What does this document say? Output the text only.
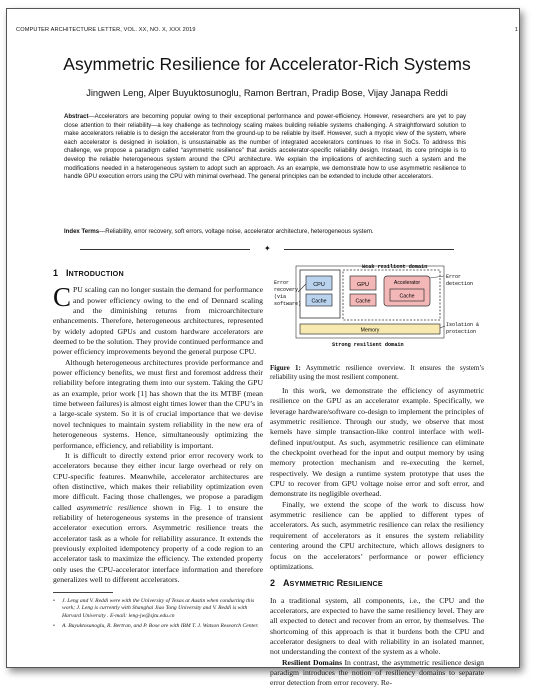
COMPUTER ARCHITECTURE LETTER, VOL. XX, NO. X, XXX 2019	1
Asymmetric Resilience for Accelerator-Rich Systems
Jingwen Leng, Alper Buyuktosunoglu, Ramon Bertran, Pradip Bose, Vijay Janapa Reddi
Abstract—Accelerators are becoming popular owing to their exceptional performance and power-efficiency. However, researchers are yet to pay close attention to their reliability—a key challenge as technology scaling makes building reliable systems challenging. A straightforward solution to make accelerators reliable is to design the accelerator from the ground-up to be reliable by itself. However, such a myopic view of the system, where each accelerator is designed in isolation, is unsustainable as the number of integrated accelerators continues to rise in SoCs. To address this challenge, we propose a paradigm called “asymmetric resilience” that avoids accelerator-specific reliability design. Instead, its core principle is to develop the reliable heterogeneous system around the CPU architecture. We explain the implications of architecting such a system and the modifications needed in a heterogeneous system to adopt such an approach. As an example, we demonstrate how to use asymmetric resilience to handle GPU execution errors using the CPU with minimal overhead. The general principles can be extended to include other accelerators.
Index Terms—Reliability, error recovery, soft errors, voltage noise, accelerator architecture, heterogeneous system.
✦
1 INTRODUCTION

CPU scaling can no longer sustain the demand for performance and power efficiency owing to the end of Dennard scaling and the diminishing returns from microarchitecture enhancements. Therefore, heterogeneous architectures, represented by widely adopted GPUs and custom hardware accelerators are deemed to be the solution. They provide continued performance and power efficiency improvements beyond the general purpose CPU.

Although heterogeneous architectures provide performance and power efficiency benefits, we must first and foremost address their reliability before integrating them into our system. Taking the GPU as an example, prior work [1] has shown that the its MTBF (mean time between failures) is almost eight times lower than the CPU’s in a large-scale system. So it is of crucial importance that we devise novel techniques to maintain system reliability in the new era of heterogeneous systems. Hence, simultaneously optimizing the performance, efficiency, and reliability is important.

It is difficult to directly extend prior error recovery work to accelerators because they either incur large overhead or rely on CPU-specific features. Meanwhile, accelerator architectures are often distinctive, which makes their reliability optimization even more difficult. Facing those challenges, we propose a paradigm called asymmetric resilience shown in Fig. 1 to ensure the reliability of heterogeneous systems in the presence of transient accelerator execution errors. Asymmetric resilience treats the accelerator task as a whole for reliability assurance. It extends the previously exploited idempotency property of a code region to an accelerator task to maximize the efficiency. The extended property only uses the CPU-accelerator interface information and therefore generalizes well to different accelerators.

• J. Leng and V. Reddi were with the University of Texas at Austin when conducting this work; J. Leng is currently with Shanghai Jiao Tong University and V. Reddi is with Harvard University . E-mail: leng-jw@sjtu.edu.cn
• A. Buyuktosunoglu, R. Bertran, and P. Bose are with IBM T. J. Watson Research Center.
Weak resilient domain
CPU
Cache
GPU
Cache
Accelerator
Cache
Memory
Strong resilient domain
Error
recovery
(via
software)
Error
detection
Isolation &
protection
Figure 1: Asymmetric resilience overview. It ensures the system’s reliability using the most resilient component.

In this work, we demonstrate the efficiency of asymmetric resilience on the GPU as an accelerator example. Specifically, we leverage hardware/software co-design to implement the principles of asymmetric resilience. Through our study, we observe that most kernels have simple transaction-like control interface with well-defined input/output. As such, asymmetric resilience can eliminate the checkpoint overhead for the input and output memory by using memory protection mechanism and re-executing the kernel, respectively. We design a runtime system prototype that uses the CPU to recover from GPU voltage noise error and soft error, and demonstrate its negligible overhead.

Finally, we extend the scope of the work to discuss how asymmetric resilience can be applied to different types of accelerators. As such, asymmetric resilience can relax the resiliency requirement of accelerators as it ensures the system reliability centering around the CPU architecture, which allows designers to focus on the accelerators’ performance or power efficiency optimizations.

2 ASYMMETRIC RESILIENCE

In a traditional system, all components, i.e., the CPU and the accelerators, are expected to have the same resiliency level. They are all expected to detect and recover from an error, by themselves. The shortcoming of this approach is that it burdens both the CPU and accelerator designers to deal with reliability in an isolated manner, not understanding the context of the system as a whole.

Resilient Domains In contrast, the asymmetric resilience design paradigm introduces the notion of resiliency domains to separate error detection from error recovery. Re-
